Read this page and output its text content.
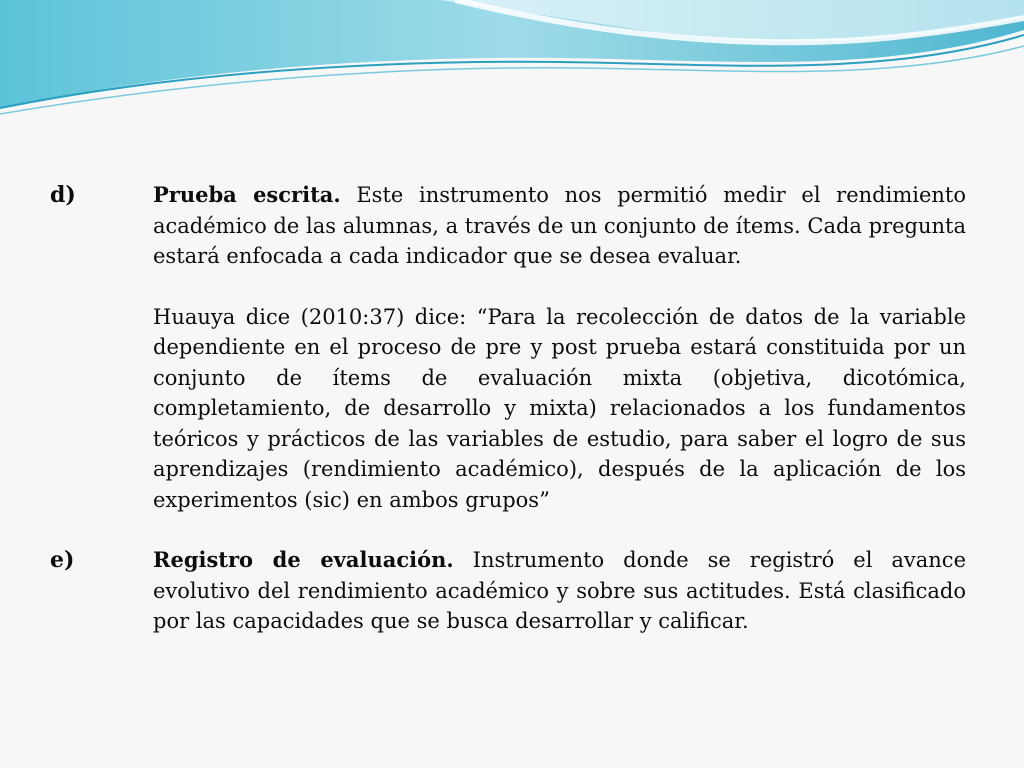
d)	Prueba escrita. Este instrumento nos permitió medir el rendimiento académico de las alumnas, a través de un conjunto de ítems. Cada pregunta estará enfocada a cada indicador que se desea evaluar.

Huauya dice (2010:37) dice: “Para la recolección de datos de la variable dependiente en el proceso de pre y post prueba estará constituida por un conjunto de ítems de evaluación mixta (objetiva, dicotómica, completamiento, de desarrollo y mixta) relacionados a los fundamentos teóricos y prácticos de las variables de estudio, para saber el logro de sus aprendizajes (rendimiento académico), después de la aplicación de los experimentos (sic) en ambos grupos”

e)	Registro de evaluación. Instrumento donde se registró el avance evolutivo del rendimiento académico y sobre sus actitudes. Está clasificado por las capacidades que se busca desarrollar y calificar.
